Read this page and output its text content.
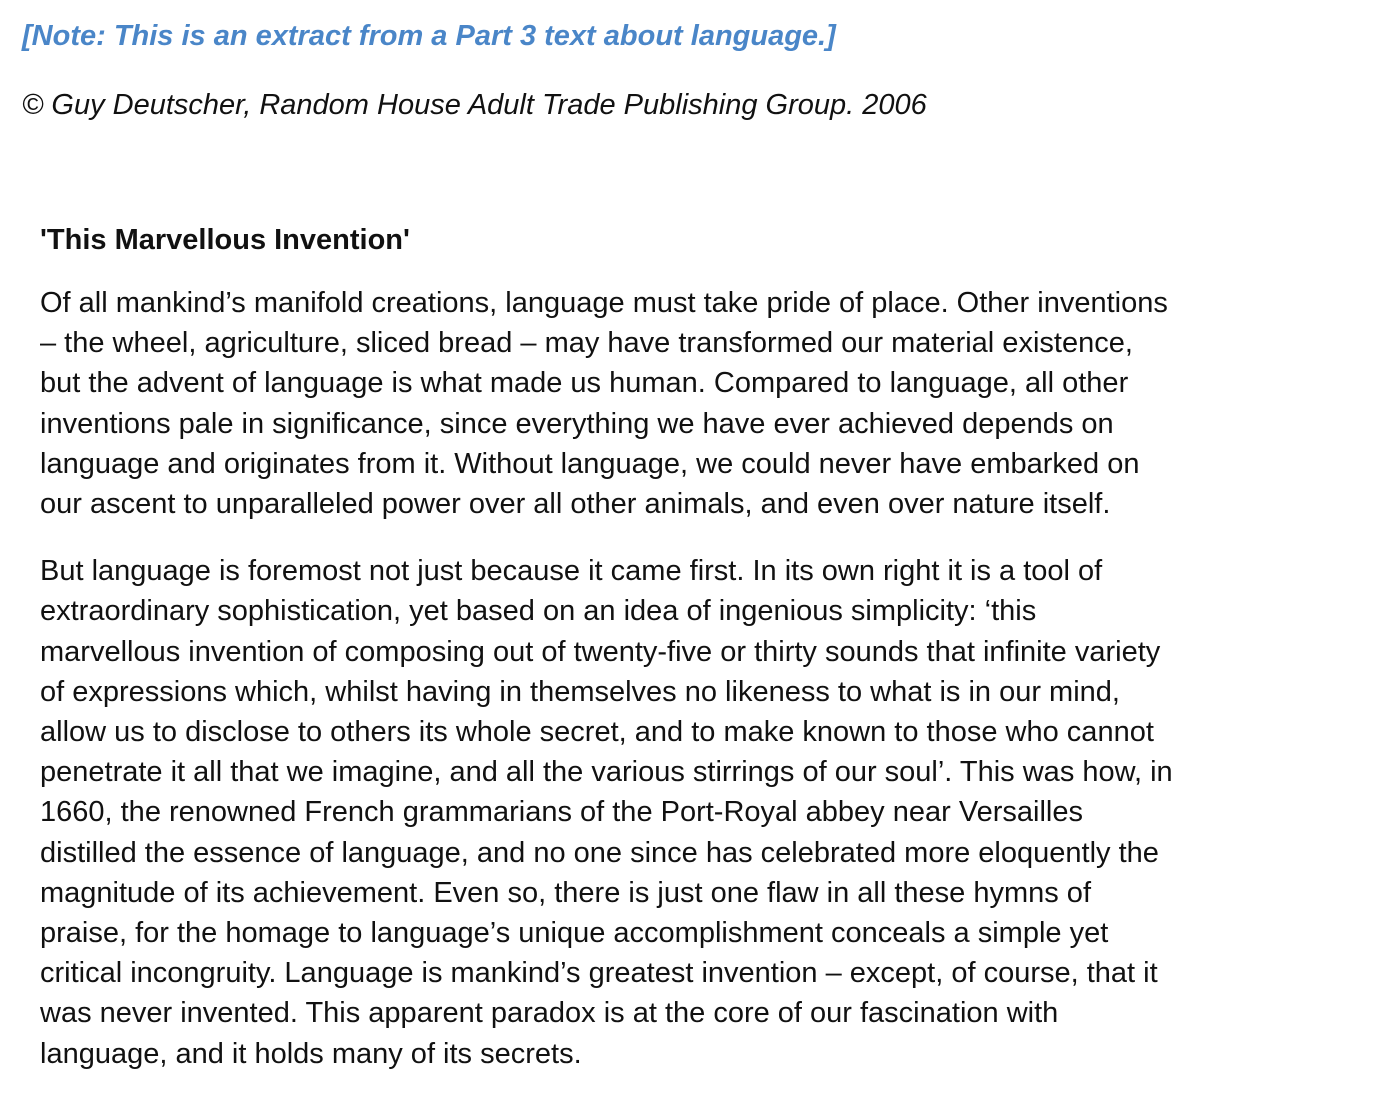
[Note: This is an extract from a Part 3 text about language.]

© Guy Deutscher, Random House Adult Trade Publishing Group. 2006

'This Marvellous Invention'

Of all mankind’s manifold creations, language must take pride of place. Other inventions
– the wheel, agriculture, sliced bread – may have transformed our material existence,
but the advent of language is what made us human. Compared to language, all other
inventions pale in significance, since everything we have ever achieved depends on
language and originates from it. Without language, we could never have embarked on
our ascent to unparalleled power over all other animals, and even over nature itself.

But language is foremost not just because it came first. In its own right it is a tool of
extraordinary sophistication, yet based on an idea of ingenious simplicity: ‘this
marvellous invention of composing out of twenty-five or thirty sounds that infinite variety
of expressions which, whilst having in themselves no likeness to what is in our mind,
allow us to disclose to others its whole secret, and to make known to those who cannot
penetrate it all that we imagine, and all the various stirrings of our soul’. This was how, in
1660, the renowned French grammarians of the Port-Royal abbey near Versailles
distilled the essence of language, and no one since has celebrated more eloquently the
magnitude of its achievement. Even so, there is just one flaw in all these hymns of
praise, for the homage to language’s unique accomplishment conceals a simple yet
critical incongruity. Language is mankind’s greatest invention – except, of course, that it
was never invented. This apparent paradox is at the core of our fascination with
language, and it holds many of its secrets.
